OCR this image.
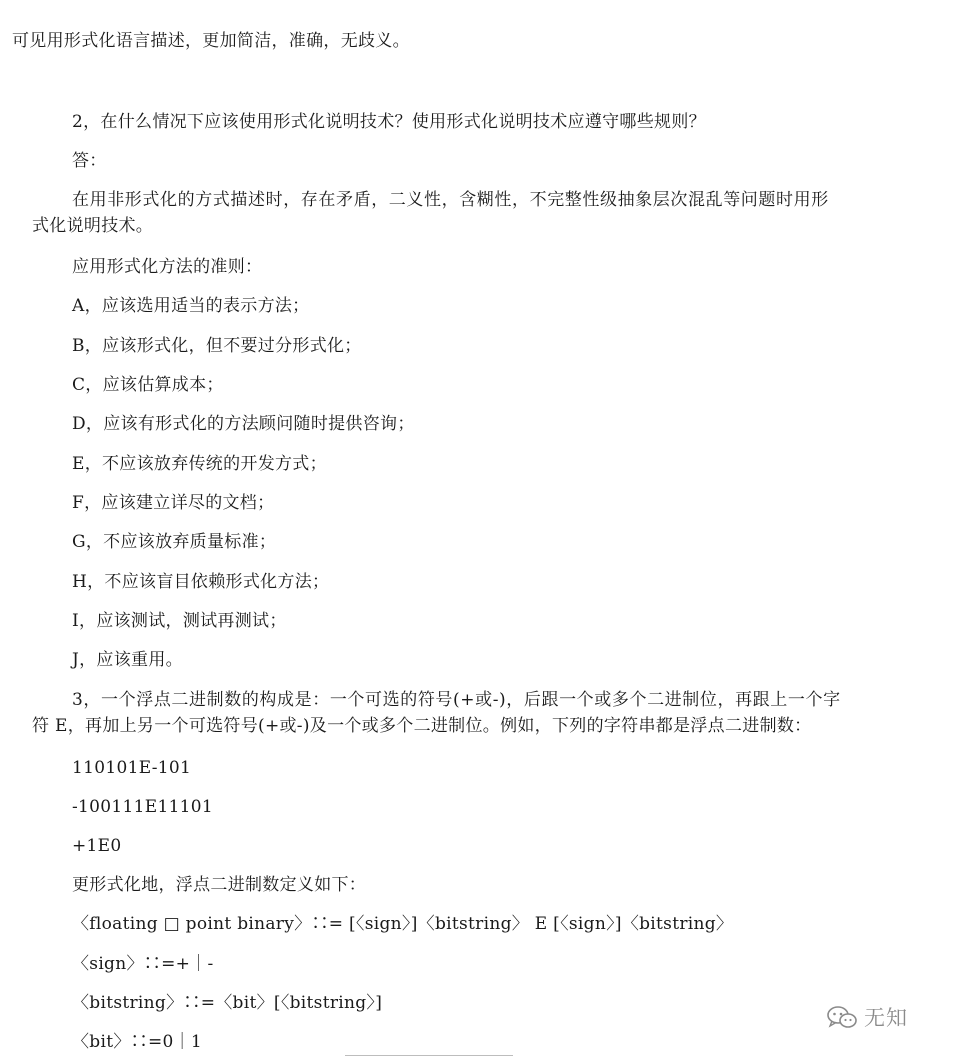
可见用形式化语言描述，更加简洁，准确，无歧义。
2，在什么情况下应该使用形式化说明技术？使用形式化说明技术应遵守哪些规则？
答：
在用非形式化的方式描述时，存在矛盾，二义性，含糊性，不完整性级抽象层次混乱等问题时用形
式化说明技术。
应用形式化方法的准则：
A，应该选用适当的表示方法；
B，应该形式化，但不要过分形式化；
C，应该估算成本；
D，应该有形式化的方法顾问随时提供咨询；
E，不应该放弃传统的开发方式；
F，应该建立详尽的文档；
G，不应该放弃质量标准；
H，不应该盲目依赖形式化方法；
I，应该测试，测试再测试；
J，应该重用。
3，一个浮点二进制数的构成是：一个可选的符号(+或-)，后跟一个或多个二进制位，再跟上一个字
符 E，再加上另一个可选符号(+或-)及一个或多个二进制位。例如，下列的字符串都是浮点二进制数：
110101E-101
-100111E11101
+1E0
更形式化地，浮点二进制数定义如下：
〈floating □ point binary〉∷= [〈sign〉]〈bitstring〉 E [〈sign〉]〈bitstring〉
〈sign〉∷=+｜-
〈bitstring〉∷=〈bit〉[〈bitstring〉]
〈bit〉∷=0｜1
无知
